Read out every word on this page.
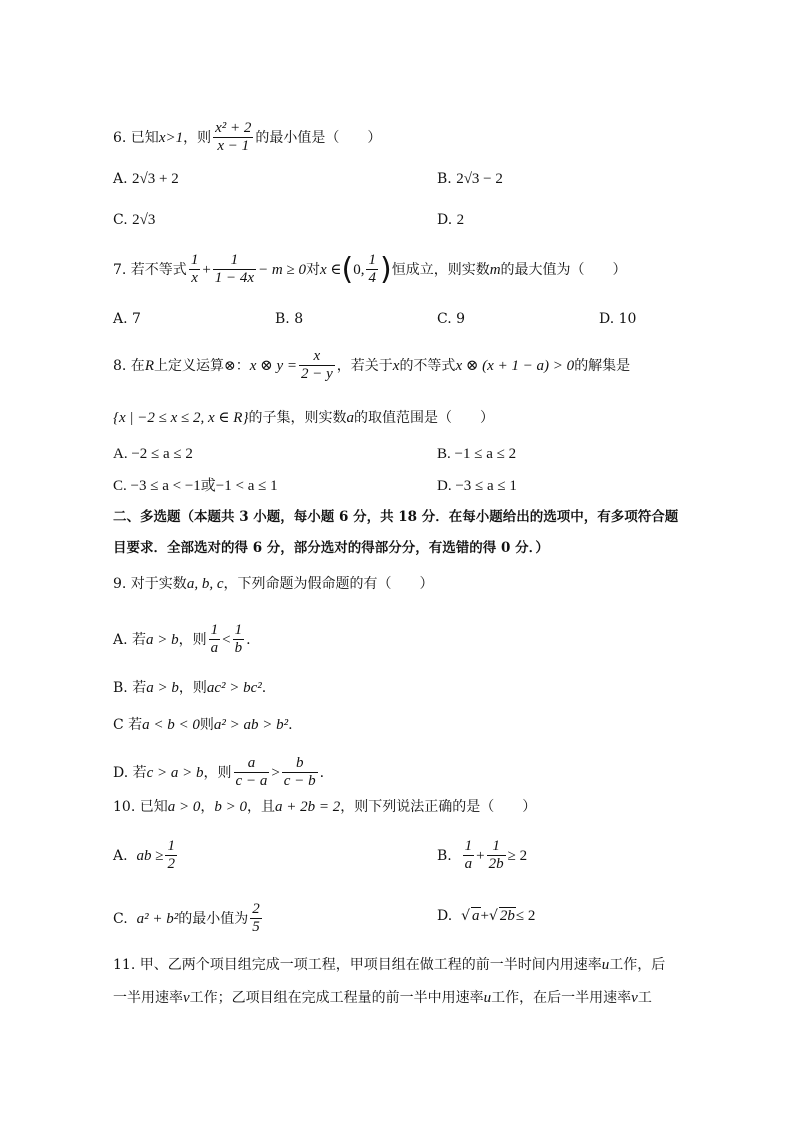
6. 已知x>1，则 $\frac{\text{x² + 2}}{x - 1}$ 的最小值是（　　）
A. 2√3 + 2	B. 2√3 − 2
C. 2√3	D. 2
7. 若不等式 $\frac{1}{x} + \frac{1}{1 - 4x} - m \ge 0$对x ∈(0, $\frac{1}{4}$ )恒成立，则实数m的最大值为（　　）
A. 7	B. 8	C. 9	D. 10
8. 在R上定义运算⊗：x ⊗ $y = \frac{x}{2 - y}$ ，若关于x的不等式x ⊗ (x + 1 − a) > 0的解集是
{x | −2 ≤ x ≤ 2, x ∈ R}的子集，则实数a的取值范围是（　　）
A. −2 ≤ a ≤ 2	B. −1 ≤ a ≤ 2
C. −3 ≤ a < −1或−1 < a ≤ 1	D. −3 ≤ a ≤ 1
二、多选题（本题共 3 小题，每小题 6 分，共 18 分．在每小题给出的选项中，有多项符合题
目要求．全部选对的得 6 分，部分选对的得部分分，有选错的得 0 分．）
9. 对于实数a, b, c，下列命题为假命题的有（　　）
A. 若a > b，则 $\frac{1}{a} < \frac{1}{b}$ .
B. 若a > b，则ac² > bc².
C 若a < b < 0则a² > ab > b².
D. 若c > a > b，则 $\frac{a}{c - a} > \frac{b}{c - b}$ .
10. 已知a > 0，b > 0，且a + 2b = 2，则下列说法正确的是（　　）
A. ab ≥ $\frac{1}{2}$	B. $\frac{1}{a} + \frac{1}{2b} \ge 2$
C. a² + b²的最小值为 $\frac{2}{5}$	D. √ a+√ 2b≤ 2
11. 甲、乙两个项目组完成一项工程，甲项目组在做工程的前一半时间内用速率u工作，后
一半用速率v工作；乙项目组在完成工程量的前一半中用速率u工作，在后一半用速率v工
